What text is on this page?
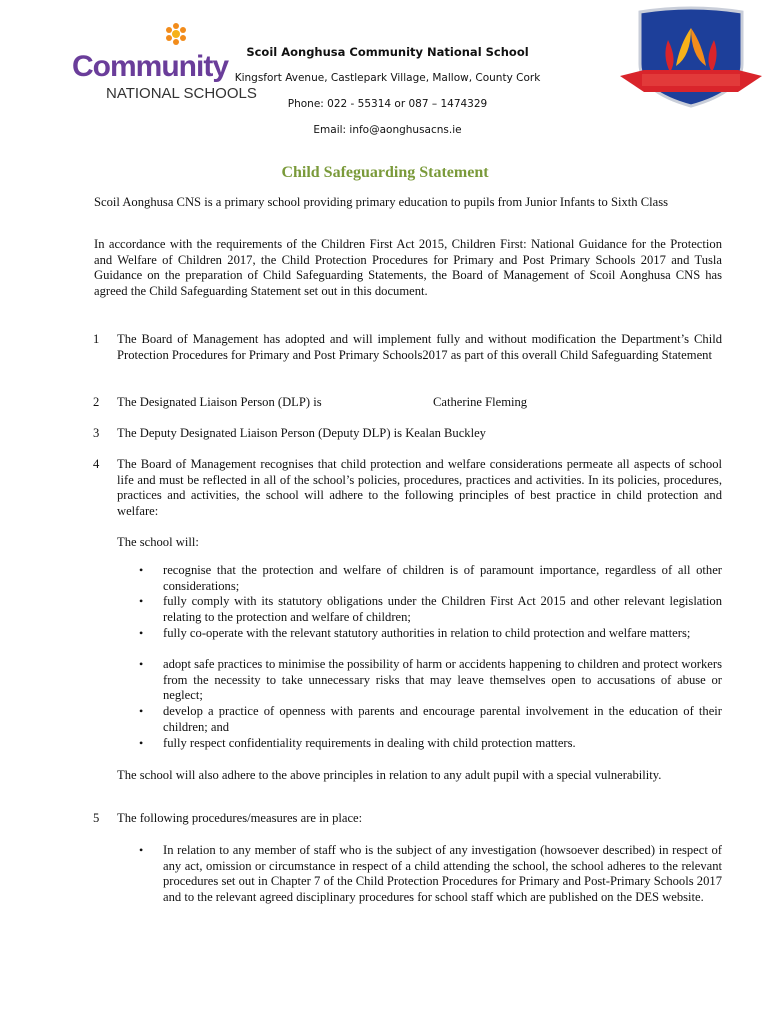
Community
NATIONAL SCHOOLS
Scoil Aonghusa Community National School
Kingsfort Avenue, Castlepark Village, Mallow, County Cork
Phone: 022 - 55314 or 087 – 1474329
Email: info@aonghusacns.ie
Child Safeguarding Statement

Scoil Aonghusa CNS is a primary school providing primary education to pupils from Junior Infants to Sixth Class

In accordance with the requirements of the Children First Act 2015, Children First: National Guidance for the Protection and Welfare of Children 2017, the Child Protection Procedures for Primary and Post Primary Schools 2017 and Tusla Guidance on the preparation of Child Safeguarding Statements, the Board of Management of Scoil Aonghusa CNS has agreed the Child Safeguarding Statement set out in this document.

1 The Board of Management has adopted and will implement fully and without modification the Department’s Child Protection Procedures for Primary and Post Primary Schools2017 as part of this overall Child Safeguarding Statement

2 The Designated Liaison Person (DLP) is	Catherine Fleming
3 The Deputy Designated Liaison Person (Deputy DLP) is Kealan Buckley

4 The Board of Management recognises that child protection and welfare considerations permeate all aspects of school life and must be reflected in all of the school’s policies, procedures, practices and activities. In its policies, procedures, practices and activities, the school will adhere to the following principles of best practice in child protection and welfare:

The school will:

• recognise that the protection and welfare of children is of paramount importance, regardless of all other considerations;

• fully comply with its statutory obligations under the Children First Act 2015 and other relevant legislation relating to the protection and welfare of children;

• fully co-operate with the relevant statutory authorities in relation to child protection and welfare matters;

• adopt safe practices to minimise the possibility of harm or accidents happening to children and protect workers from the necessity to take unnecessary risks that may leave themselves open to accusations of abuse or neglect;

• develop a practice of openness with parents and encourage parental involvement in the education of their children; and

• fully respect confidentiality requirements in dealing with child protection matters.

The school will also adhere to the above principles in relation to any adult pupil with a special vulnerability.

5 The following procedures/measures are in place:

• In relation to any member of staff who is the subject of any investigation (howsoever described) in respect of any act, omission or circumstance in respect of a child attending the school, the school adheres to the relevant procedures set out in Chapter 7 of the Child Protection Procedures for Primary and Post-Primary Schools 2017 and to the relevant agreed disciplinary procedures for school staff which are published on the DES website.
